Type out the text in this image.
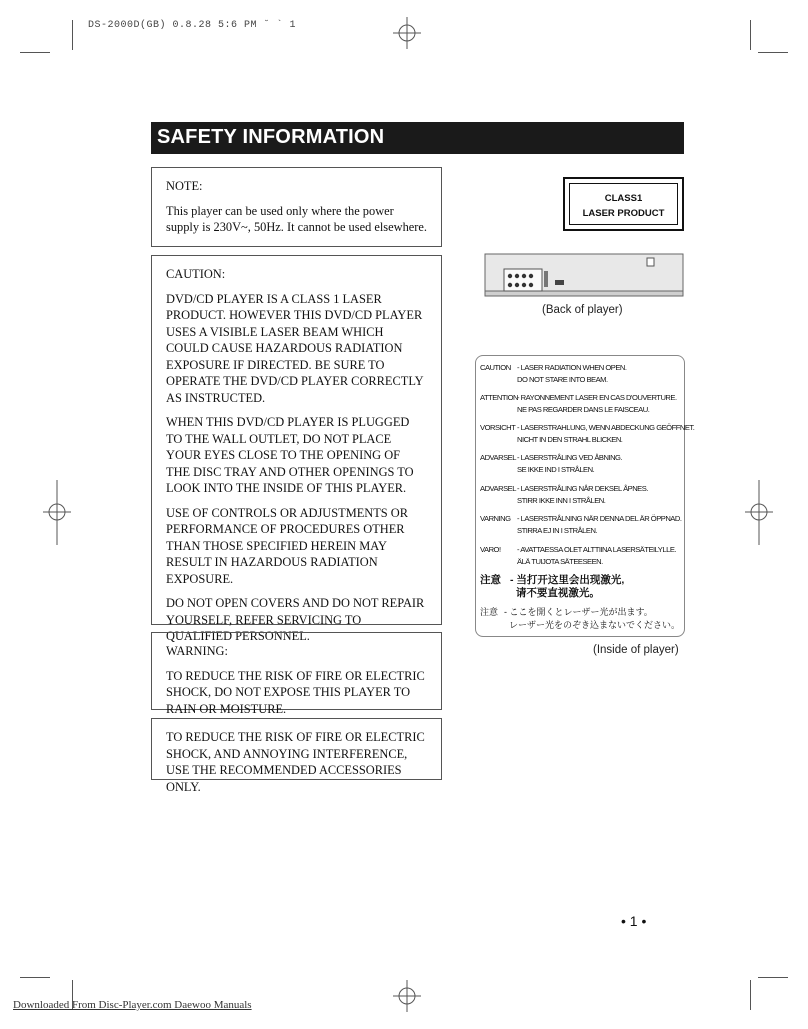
DS-2000D(GB) 0.8.28 5:6 PM ˘ ` 1
SAFETY INFORMATION

NOTE:

This player can be used only where the power supply is 230V~, 50Hz. It cannot be used elsewhere.

CAUTION:

DVD/CD PLAYER IS A CLASS 1 LASER PRODUCT. HOWEVER THIS DVD/CD PLAYER USES A VISIBLE LASER BEAM WHICH COULD CAUSE HAZARDOUS RADIATION EXPOSURE IF DIRECTED. BE SURE TO OPERATE THE DVD/CD PLAYER CORRECTLY AS INSTRUCTED.

WHEN THIS DVD/CD PLAYER IS PLUGGED TO THE WALL OUTLET, DO NOT PLACE YOUR EYES CLOSE TO THE OPENING OF THE DISC TRAY AND OTHER OPENINGS TO LOOK INTO THE INSIDE OF THIS PLAYER.

USE OF CONTROLS OR ADJUSTMENTS OR PERFORMANCE OF PROCEDURES OTHER THAN THOSE SPECIFIED HEREIN MAY RESULT IN HAZARDOUS RADIATION EXPOSURE.

DO NOT OPEN COVERS AND DO NOT REPAIR YOURSELF, REFER SERVICING TO QUALIFIED PERSONNEL.

WARNING:

TO REDUCE THE RISK OF FIRE OR ELECTRIC SHOCK, DO NOT EXPOSE THIS PLAYER TO RAIN OR MOISTURE.

TO REDUCE THE RISK OF FIRE OR ELECTRIC SHOCK, AND ANNOYING INTERFERENCE, USE THE RECOMMENDED ACCESSORIES ONLY.

CLASS1
LASER PRODUCT
(Back of player)
CAUTION - LASER RADIATION WHEN OPEN.
DO NOT STARE INTO BEAM.
ATTENTION- RAYONNEMENT LASER EN CAS D'OUVERTURE.
NE PAS REGARDER DANS LE FAISCEAU.
VORSICHT - LASERSTRAHLUNG, WENN ABDECKUNG GEÖFFNET.
NICHT IN DEN STRAHL BLICKEN.
ADVARSEL- LASERSTRÅLING VED ÅBNING.
SE IKKE IND I STRÅLEN.
ADVARSEL- LASERSTRÅLING NÅR DEKSEL ÅPNES.
STIRR IKKE INN I STRÅLEN.
VARNING - LASERSTRÅLNING NÄR DENNA DEL ÄR ÖPPNAD.
STIRRA EJ IN I STRÅLEN.
VARO! - AVATTAESSA OLET ALTTIINA LASERSÄTEILYLLE.
ÄLÄ TUIJOTA SÄTEESEEN.
注意 - 当打开这里会出现激光,
请不要直视激光。
注意 - ここを開くとレーザー光が出ます。
レーザー光をのぞき込まないでください。
(Inside of player)
• 1 •
Downloaded From Disc-Player.com Daewoo Manuals
